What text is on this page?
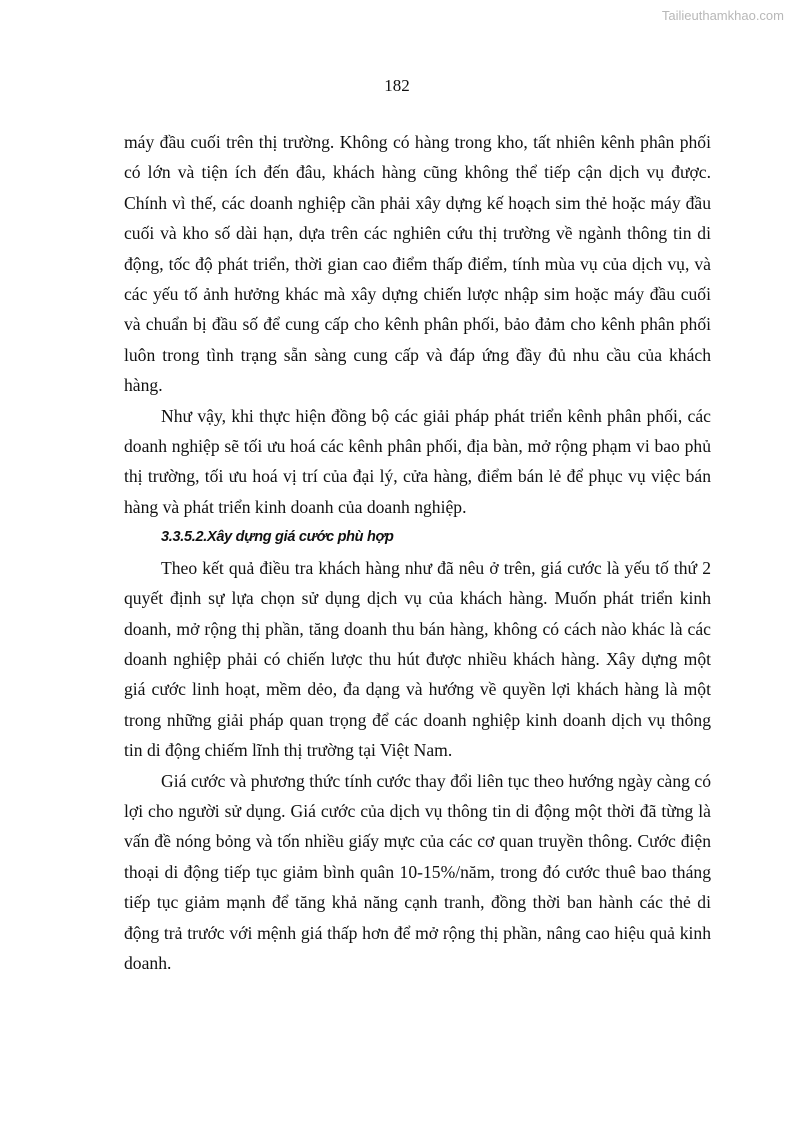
Tailieuthamkhao.com
182

máy đầu cuối trên thị trường. Không có hàng trong kho, tất nhiên kênh phân phối có lớn và tiện ích đến đâu, khách hàng cũng không thể tiếp cận dịch vụ được. Chính vì thế, các doanh nghiệp cần phải xây dựng kế hoạch sim thẻ hoặc máy đầu cuối và kho số dài hạn, dựa trên các nghiên cứu thị trường về ngành thông tin di động, tốc độ phát triển, thời gian cao điểm thấp điểm, tính mùa vụ của dịch vụ, và các yếu tố ảnh hưởng khác mà xây dựng chiến lược nhập sim hoặc máy đầu cuối và chuẩn bị đầu số để cung cấp cho kênh phân phối, bảo đảm cho kênh phân phối luôn trong tình trạng sẵn sàng cung cấp và đáp ứng đầy đủ nhu cầu của khách hàng.

Như vậy, khi thực hiện đồng bộ các giải pháp phát triển kênh phân phối, các doanh nghiệp sẽ tối ưu hoá các kênh phân phối, địa bàn, mở rộng phạm vi bao phủ thị trường, tối ưu hoá vị trí của đại lý, cửa hàng, điểm bán lẻ để phục vụ việc bán hàng và phát triển kinh doanh của doanh nghiệp.

3.3.5.2.Xây dựng giá cước phù hợp

Theo kết quả điều tra khách hàng như đã nêu ở trên, giá cước là yếu tố thứ 2 quyết định sự lựa chọn sử dụng dịch vụ của khách hàng. Muốn phát triển kinh doanh, mở rộng thị phần, tăng doanh thu bán hàng, không có cách nào khác là các doanh nghiệp phải có chiến lược thu hút được nhiều khách hàng. Xây dựng một giá cước linh hoạt, mềm dẻo, đa dạng và hướng về quyền lợi khách hàng là một trong những giải pháp quan trọng để các doanh nghiệp kinh doanh dịch vụ thông tin di động chiếm lĩnh thị trường tại Việt Nam.

Giá cước và phương thức tính cước thay đổi liên tục theo hướng ngày càng có lợi cho người sử dụng. Giá cước của dịch vụ thông tin di động một thời đã từng là vấn đề nóng bỏng và tốn nhiều giấy mực của các cơ quan truyền thông. Cước điện thoại di động tiếp tục giảm bình quân 10-15%/năm, trong đó cước thuê bao tháng tiếp tục giảm mạnh để tăng khả năng cạnh tranh, đồng thời ban hành các thẻ di động trả trước với mệnh giá thấp hơn để mở rộng thị phần, nâng cao hiệu quả kinh doanh.
